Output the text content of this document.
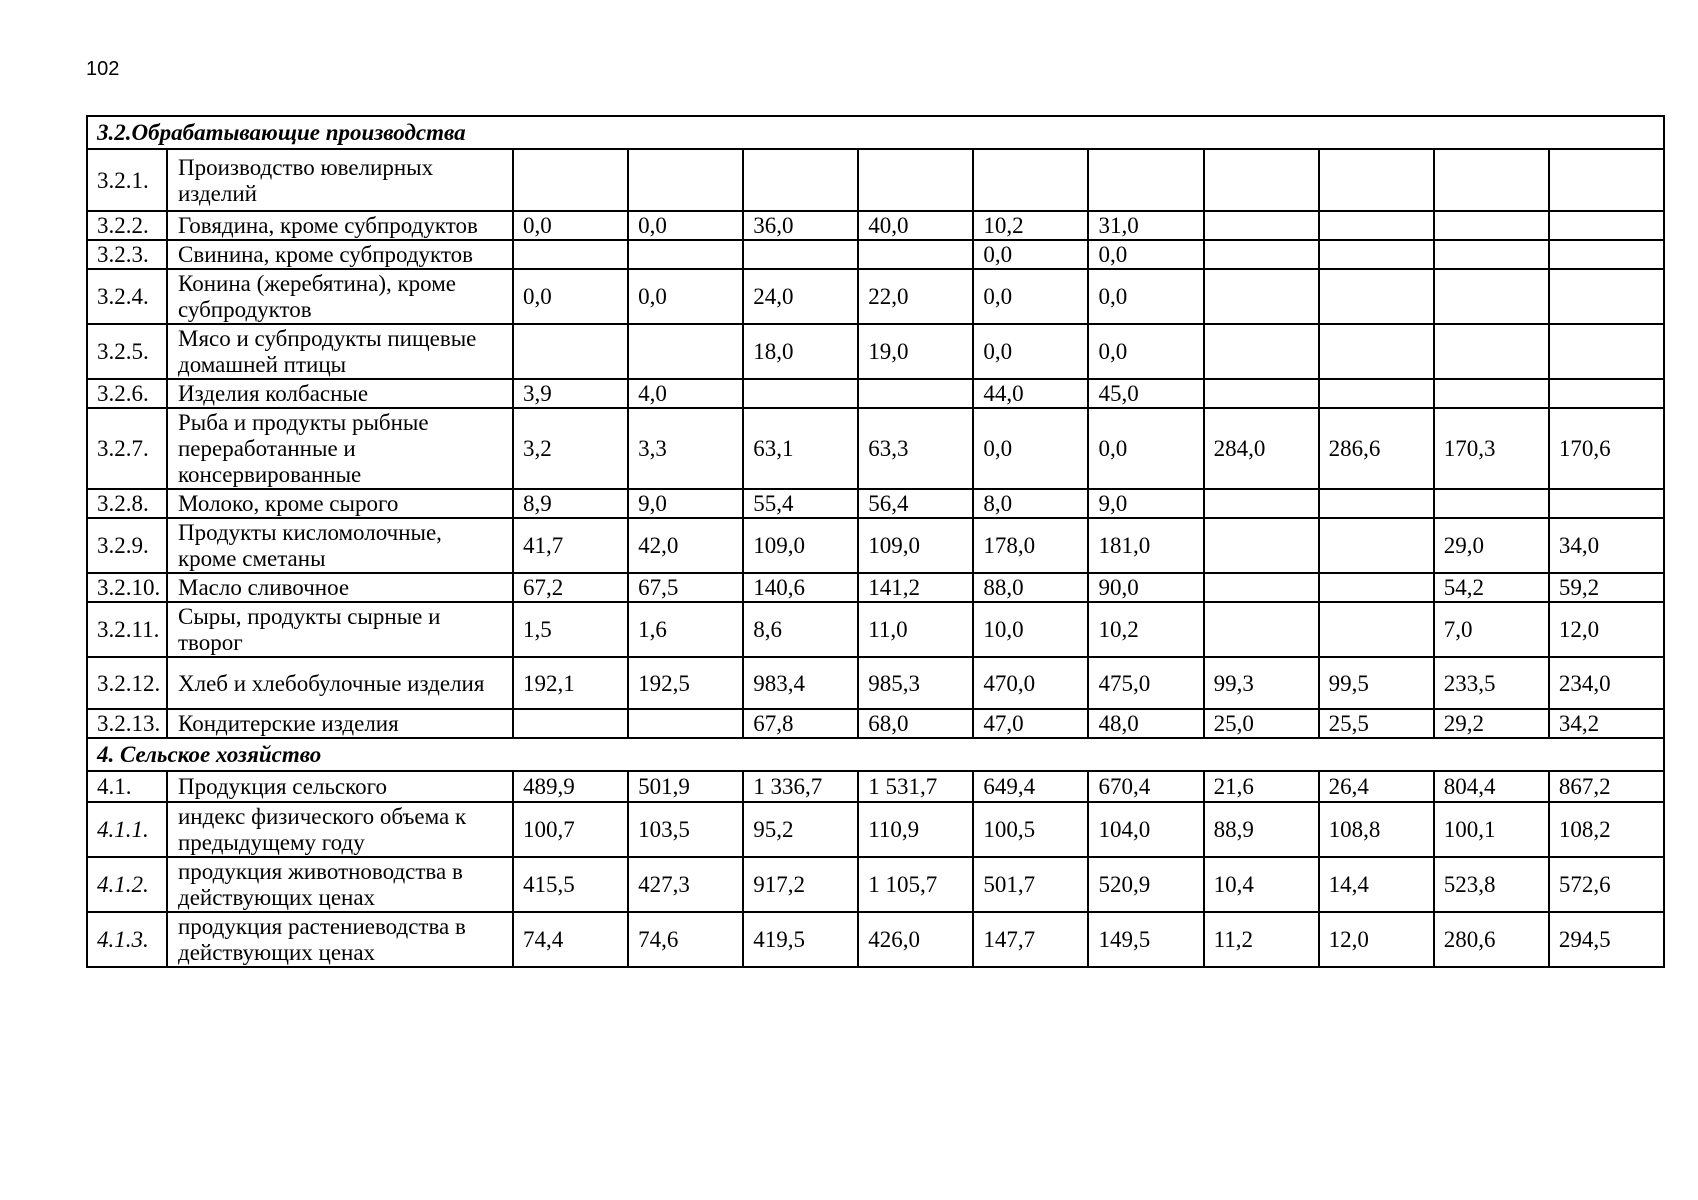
102
3.2.Обрабатывающие производства											
3.2.1.	Производство ювелирных изделий										
3.2.2.	Говядина, кроме субпродуктов	0,0	0,0	36,0	40,0	10,2	31,0				
3.2.3.	Свинина, кроме субпродуктов					0,0	0,0				
3.2.4.	Конина (жеребятина), кроме субпродуктов	0,0	0,0	24,0	22,0	0,0	0,0				
3.2.5.	Мясо и субпродукты пищевые домашней птицы			18,0	19,0	0,0	0,0				
3.2.6.	Изделия колбасные	3,9	4,0			44,0	45,0				
3.2.7.	Рыба и продукты рыбные переработанные и консервированные	3,2	3,3	63,1	63,3	0,0	0,0	284,0	286,6	170,3	170,6
3.2.8.	Молоко, кроме сырого	8,9	9,0	55,4	56,4	8,0	9,0				
3.2.9.	Продукты кисломолочные, кроме сметаны	41,7	42,0	109,0	109,0	178,0	181,0			29,0	34,0
3.2.10.	Масло сливочное	67,2	67,5	140,6	141,2	88,0	90,0			54,2	59,2
3.2.11.	Сыры, продукты сырные и творог	1,5	1,6	8,6	11,0	10,0	10,2			7,0	12,0
3.2.12.	Хлеб и хлебобулочные изделия	192,1	192,5	983,4	985,3	470,0	475,0	99,3	99,5	233,5	234,0
3.2.13.	Кондитерские изделия			67,8	68,0	47,0	48,0	25,0	25,5	29,2	34,2
4. Сельское хозяйство											
4.1.	Продукция сельского	489,9	501,9	1 336,7	1 531,7	649,4	670,4	21,6	26,4	804,4	867,2
4.1.1.	индекс физического объема к предыдущему году	100,7	103,5	95,2	110,9	100,5	104,0	88,9	108,8	100,1	108,2
4.1.2.	продукция животноводства в действующих ценах	415,5	427,3	917,2	1 105,7	501,7	520,9	10,4	14,4	523,8	572,6
4.1.3.	продукция растениеводства в действующих ценах	74,4	74,6	419,5	426,0	147,7	149,5	11,2	12,0	280,6	294,5
